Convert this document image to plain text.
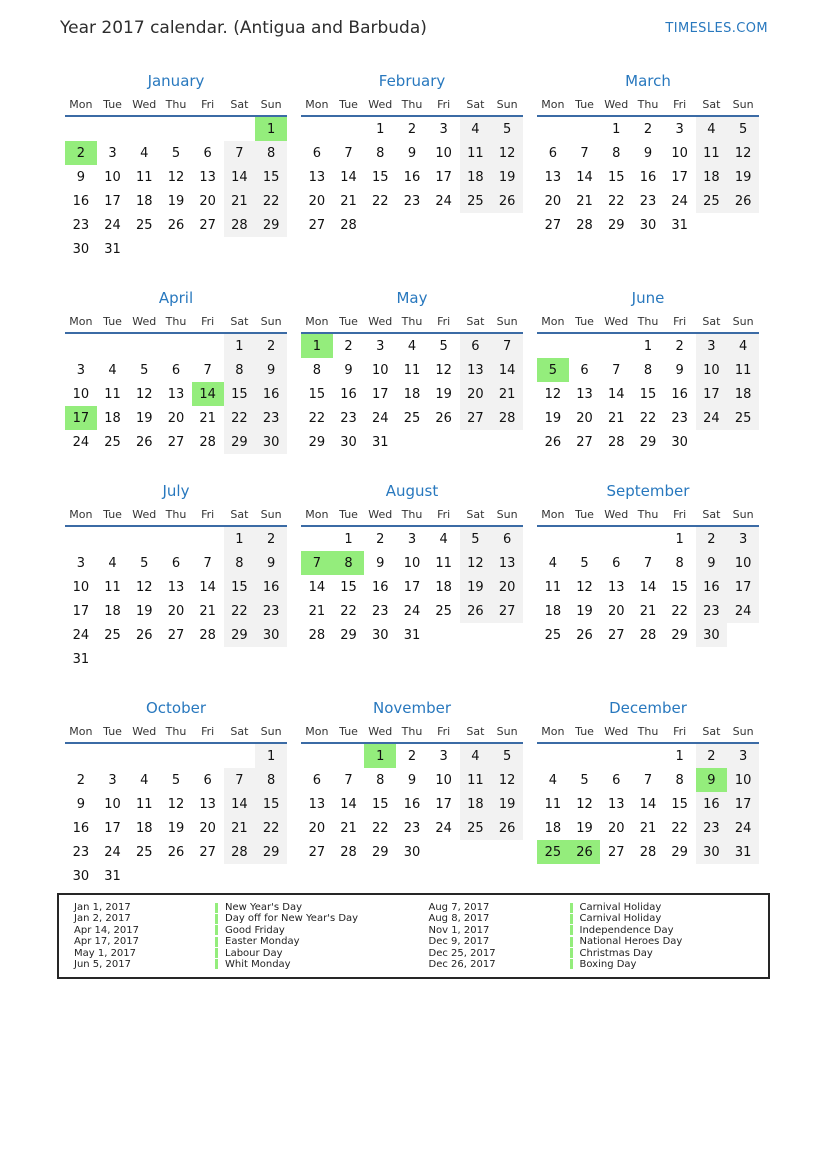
Year 2017 calendar. (Antigua and Barbuda)	TIMESLES.COM
January
Mon	Tue	Wed	Thu	Fri	Sat	Sun
						1
2	3	4	5	6	7	8
9	10	11	12	13	14	15
16	17	18	19	20	21	22
23	24	25	26	27	28	29
30	31					
February
Mon	Tue	Wed	Thu	Fri	Sat	Sun
		1	2	3	4	5
6	7	8	9	10	11	12
13	14	15	16	17	18	19
20	21	22	23	24	25	26
27	28					
March
Mon	Tue	Wed	Thu	Fri	Sat	Sun
		1	2	3	4	5
6	7	8	9	10	11	12
13	14	15	16	17	18	19
20	21	22	23	24	25	26
27	28	29	30	31		
April
Mon	Tue	Wed	Thu	Fri	Sat	Sun
					1	2
3	4	5	6	7	8	9
10	11	12	13	14	15	16
17	18	19	20	21	22	23
24	25	26	27	28	29	30
May
Mon	Tue	Wed	Thu	Fri	Sat	Sun
1	2	3	4	5	6	7
8	9	10	11	12	13	14
15	16	17	18	19	20	21
22	23	24	25	26	27	28
29	30	31				
June
Mon	Tue	Wed	Thu	Fri	Sat	Sun
			1	2	3	4
5	6	7	8	9	10	11
12	13	14	15	16	17	18
19	20	21	22	23	24	25
26	27	28	29	30		
July
Mon	Tue	Wed	Thu	Fri	Sat	Sun
					1	2
3	4	5	6	7	8	9
10	11	12	13	14	15	16
17	18	19	20	21	22	23
24	25	26	27	28	29	30
31						
August
Mon	Tue	Wed	Thu	Fri	Sat	Sun
	1	2	3	4	5	6
7	8	9	10	11	12	13
14	15	16	17	18	19	20
21	22	23	24	25	26	27
28	29	30	31			
September
Mon	Tue	Wed	Thu	Fri	Sat	Sun
				1	2	3
4	5	6	7	8	9	10
11	12	13	14	15	16	17
18	19	20	21	22	23	24
25	26	27	28	29	30	
October
Mon	Tue	Wed	Thu	Fri	Sat	Sun
						1
2	3	4	5	6	7	8
9	10	11	12	13	14	15
16	17	18	19	20	21	22
23	24	25	26	27	28	29
30	31					
November
Mon	Tue	Wed	Thu	Fri	Sat	Sun
		1	2	3	4	5
6	7	8	9	10	11	12
13	14	15	16	17	18	19
20	21	22	23	24	25	26
27	28	29	30			
December
Mon	Tue	Wed	Thu	Fri	Sat	Sun
				1	2	3
4	5	6	7	8	9	10
11	12	13	14	15	16	17
18	19	20	21	22	23	24
25	26	27	28	29	30	31
Jan 1, 2017	New Year's Day
Jan 2, 2017	Day off for New Year's Day
Apr 14, 2017	Good Friday
Apr 17, 2017	Easter Monday
May 1, 2017	Labour Day
Jun 5, 2017	Whit Monday
Aug 7, 2017	Carnival Holiday
Aug 8, 2017	Carnival Holiday
Nov 1, 2017	Independence Day
Dec 9, 2017	National Heroes Day
Dec 25, 2017	Christmas Day
Dec 26, 2017	Boxing Day
